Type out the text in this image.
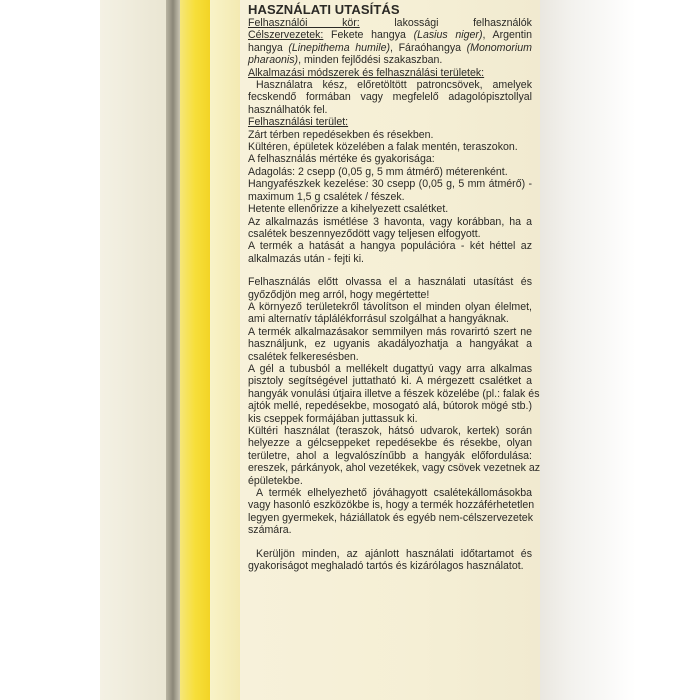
HASZNÁLATI UTASÍTÁS
Felhasználói kör: lakossági felhasználók
Célszervezetek: Fekete hangya (Lasius niger), Argentin
hangya (Linepithema humile), Fáraóhangya (Monomorium
pharaonis), minden fejlődési szakaszban.
Alkalmazási módszerek és felhasználási területek:
Használatra kész, előretöltött patroncsövek, amelyek
fecskendő formában vagy megfelelő adagolópisztollyal
használhatók fel.
Felhasználási terület:
Zárt térben repedésekben és résekben.
Kültéren, épületek közelében a falak mentén, teraszokon.
A felhasználás mértéke és gyakorisága:
Adagolás: 2 csepp (0,05 g, 5 mm átmérő) méterenként.
Hangyafészkek kezelése: 30 csepp (0,05 g, 5 mm átmérő) -
maximum 1,5 g csalétek / fészek.
Hetente ellenőrizze a kihelyezett csalétket.
Az alkalmazás ismétlése 3 havonta, vagy korábban, ha a
csalétek beszennyeződött vagy teljesen elfogyott.
A termék a hatását a hangya populációra - két héttel az
alkalmazás után - fejti ki.
Felhasználás előtt olvassa el a használati utasítást és
győződjön meg arról, hogy megértette!
A környező területekről távolítson el minden olyan élelmet,
ami alternatív táplálékforrásul szolgálhat a hangyáknak.
A termék alkalmazásakor semmilyen más rovarirtó szert ne
használjunk, ez ugyanis akadályozhatja a hangyákat a
csalétek felkeresésben.
A gél a tubusból a mellékelt dugattyú vagy arra alkalmas
pisztoly segítségével juttatható ki. A mérgezett csalétket a
hangyák vonulási útjaira illetve a fészek közelébe (pl.: falak és
ajtók mellé, repedésekbe, mosogató alá, bútorok mögé stb.)
kis cseppek formájában juttassuk ki.
Kültéri használat (teraszok, hátsó udvarok, kertek) során
helyezze a gélcseppeket repedésekbe és résekbe, olyan
területre, ahol a legvalószínűbb a hangyák előfordulása:
ereszek, párkányok, ahol vezetékek, vagy csövek vezetnek az
épületekbe.
A termék elhelyezhető jóváhagyott csalétekállomásokba
vagy hasonló eszközökbe is, hogy a termék hozzáférhetetlen
legyen gyermekek, háziállatok és egyéb nem-célszervezetek
számára.
Kerüljön minden, az ajánlott használati időtartamot és
gyakoriságot meghaladó tartós és kizárólagos használatot.
